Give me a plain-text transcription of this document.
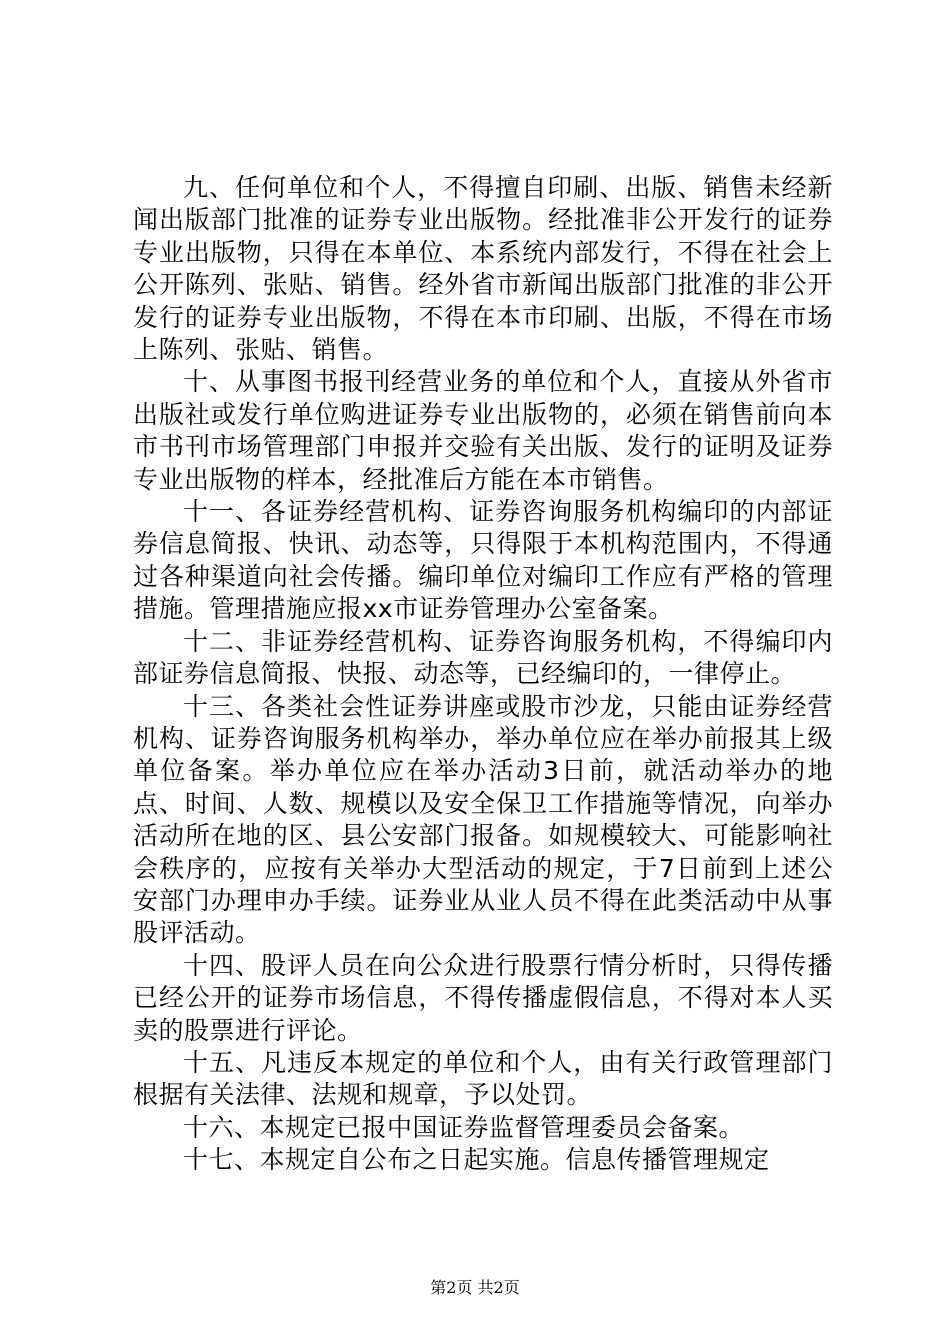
九、任何单位和个人，不得擅自印刷、出版、销售未经新闻出版部门批准的证券专业出版物。经批准非公开发行的证券专业出版物，只得在本单位、本系统内部发行，不得在社会上公开陈列、张贴、销售。经外省市新闻出版部门批准的非公开发行的证券专业出版物，不得在本市印刷、出版，不得在市场上陈列、张贴、销售。

十、从事图书报刊经营业务的单位和个人，直接从外省市出版社或发行单位购进证券专业出版物的，必须在销售前向本市书刊市场管理部门申报并交验有关出版、发行的证明及证券专业出版物的样本，经批准后方能在本市销售。

十一、各证券经营机构、证券咨询服务机构编印的内部证券信息简报、快讯、动态等，只得限于本机构范围内，不得通过各种渠道向社会传播。编印单位对编印工作应有严格的管理措施。管理措施应报xx市证券管理办公室备案。

十二、非证券经营机构、证券咨询服务机构，不得编印内部证券信息简报、快报、动态等，已经编印的，一律停止。

十三、各类社会性证券讲座或股市沙龙，只能由证券经营机构、证券咨询服务机构举办，举办单位应在举办前报其上级单位备案。举办单位应在举办活动3日前，就活动举办的地点、时间、人数、规模以及安全保卫工作措施等情况，向举办活动所在地的区、县公安部门报备。如规模较大、可能影响社会秩序的，应按有关举办大型活动的规定，于7日前到上述公安部门办理申办手续。证券业从业人员不得在此类活动中从事股评活动。

十四、股评人员在向公众进行股票行情分析时，只得传播已经公开的证券市场信息，不得传播虚假信息，不得对本人买卖的股票进行评论。

十五、凡违反本规定的单位和个人，由有关行政管理部门根据有关法律、法规和规章，予以处罚。

十六、本规定已报中国证券监督管理委员会备案。

十七、本规定自公布之日起实施。信息传播管理规定

第2页 共2页
